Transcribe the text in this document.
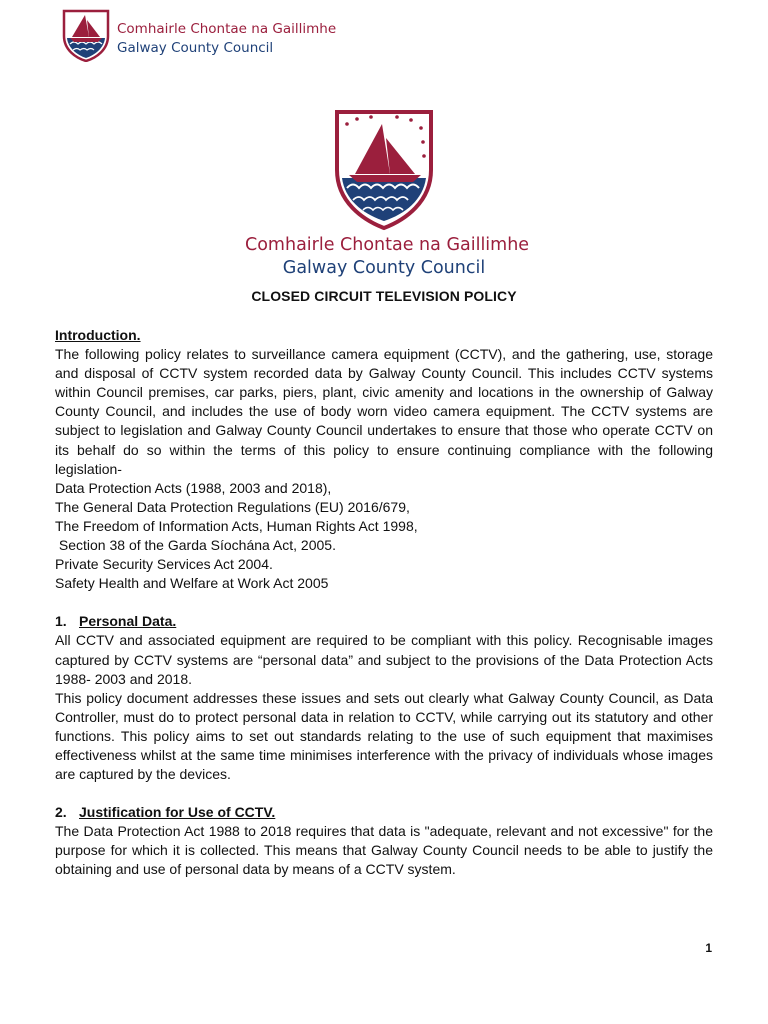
Comhairle Chontae na Gaillimhe
Galway County Council
Comhairle Chontae na Gaillimhe
Galway County Council
CLOSED CIRCUIT TELEVISION POLICY

Introduction.

The following policy relates to surveillance camera equipment (CCTV), and the gathering, use, storage and disposal of CCTV system recorded data by Galway County Council. This includes CCTV systems within Council premises, car parks, piers, plant, civic amenity and locations in the ownership of Galway County Council, and includes the use of body worn video camera equipment. The CCTV systems are subject to legislation and Galway County Council undertakes to ensure that those who operate CCTV on its behalf do so within the terms of this policy to ensure continuing compliance with the following legislation-

Data Protection Acts (1988, 2003 and 2018),

The General Data Protection Regulations (EU) 2016/679,

The Freedom of Information Acts, Human Rights Act 1998,

Section 38 of the Garda Síochána Act, 2005.

Private Security Services Act 2004.

Safety Health and Welfare at Work Act 2005

1. Personal Data.

All CCTV and associated equipment are required to be compliant with this policy. Recognisable images captured by CCTV systems are “personal data” and subject to the provisions of the Data Protection Acts 1988- 2003 and 2018.

This policy document addresses these issues and sets out clearly what Galway County Council, as Data Controller, must do to protect personal data in relation to CCTV, while carrying out its statutory and other functions. This policy aims to set out standards relating to the use of such equipment that maximises effectiveness whilst at the same time minimises interference with the privacy of individuals whose images are captured by the devices.

2. Justification for Use of CCTV.

The Data Protection Act 1988 to 2018 requires that data is "adequate, relevant and not excessive" for the purpose for which it is collected. This means that Galway County Council needs to be able to justify the obtaining and use of personal data by means of a CCTV system.

1
